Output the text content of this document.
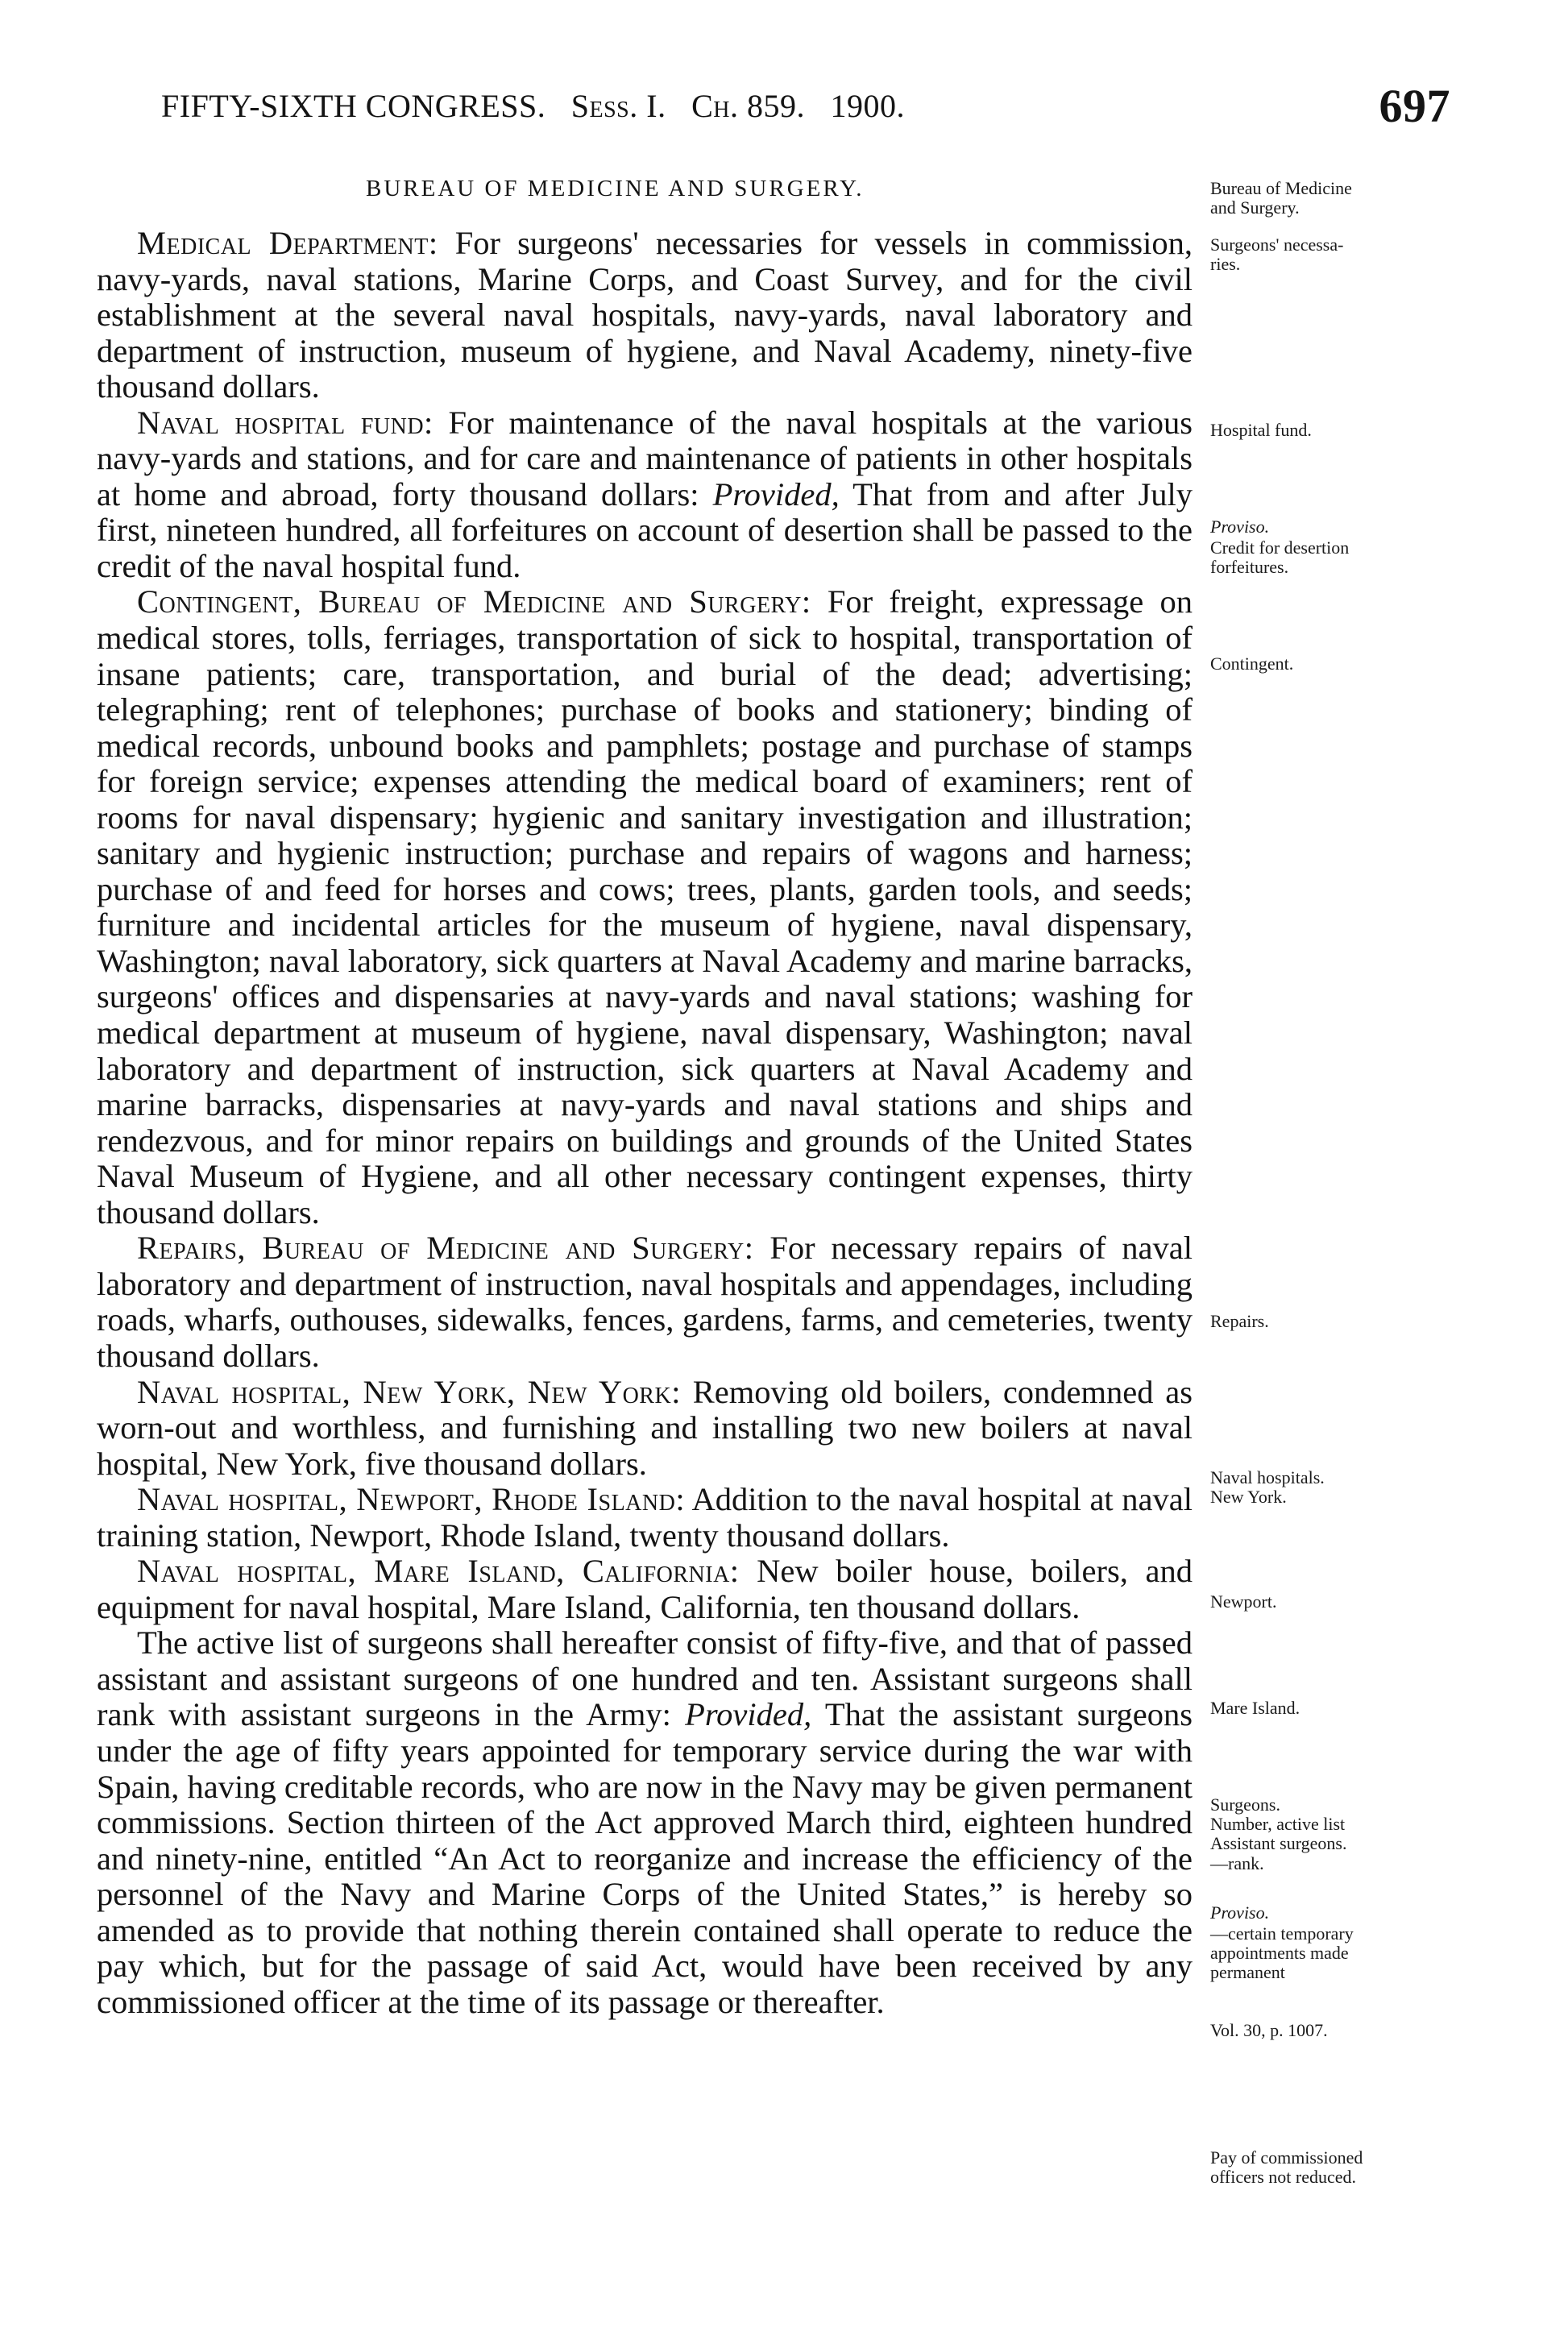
FIFTY-SIXTH CONGRESS. Sess. I. Ch. 859. 1900.	697
BUREAU OF MEDICINE AND SURGERY.

Medical Department: For surgeons' necessaries for vessels in commission, navy-yards, naval stations, Marine Corps, and Coast Survey, and for the civil establishment at the several naval hospitals, navy-yards, naval laboratory and department of instruction, museum of hygiene, and Naval Academy, ninety-five thousand dollars.

Naval hospital fund: For maintenance of the naval hospitals at the various navy-yards and stations, and for care and maintenance of patients in other hospitals at home and abroad, forty thousand dollars: Provided, That from and after July first, nineteen hundred, all forfeitures on account of desertion shall be passed to the credit of the naval hospital fund.

Contingent, Bureau of Medicine and Surgery: For freight, expressage on medical stores, tolls, ferriages, transportation of sick to hospital, transportation of insane patients; care, transportation, and burial of the dead; advertising; telegraphing; rent of telephones; purchase of books and stationery; binding of medical records, unbound books and pamphlets; postage and purchase of stamps for foreign service; expenses attending the medical board of examiners; rent of rooms for naval dispensary; hygienic and sanitary investigation and illustration; sanitary and hygienic instruction; purchase and repairs of wagons and harness; purchase of and feed for horses and cows; trees, plants, garden tools, and seeds; furniture and incidental articles for the museum of hygiene, naval dispensary, Washington; naval laboratory, sick quarters at Naval Academy and marine barracks, surgeons' offices and dispensaries at navy-yards and naval stations; washing for medical department at museum of hygiene, naval dispensary, Washington; naval laboratory and department of instruction, sick quarters at Naval Academy and marine barracks, dispensaries at navy-yards and naval stations and ships and rendezvous, and for minor repairs on buildings and grounds of the United States Naval Museum of Hygiene, and all other necessary contingent expenses, thirty thousand dollars.

Repairs, Bureau of Medicine and Surgery: For necessary repairs of naval laboratory and department of instruction, naval hospitals and appendages, including roads, wharfs, outhouses, sidewalks, fences, gardens, farms, and cemeteries, twenty thousand dollars.

Naval hospital, New York, New York: Removing old boilers, condemned as worn-out and worthless, and furnishing and installing two new boilers at naval hospital, New York, five thousand dollars.

Naval hospital, Newport, Rhode Island: Addition to the naval hospital at naval training station, Newport, Rhode Island, twenty thousand dollars.

Naval hospital, Mare Island, California: New boiler house, boilers, and equipment for naval hospital, Mare Island, California, ten thousand dollars.

The active list of surgeons shall hereafter consist of fifty-five, and that of passed assistant and assistant surgeons of one hundred and ten. Assistant surgeons shall rank with assistant surgeons in the Army: Provided, That the assistant surgeons under the age of fifty years appointed for temporary service during the war with Spain, having creditable records, who are now in the Navy may be given permanent commissions. Section thirteen of the Act approved March third, eighteen hundred and ninety-nine, entitled “An Act to reorganize and increase the efficiency of the personnel of the Navy and Marine Corps of the United States,” is hereby so amended as to provide that nothing therein contained shall operate to reduce the pay which, but for the passage of said Act, would have been received by any commissioned officer at the time of its passage or thereafter.

Bureau of Medicine
and Surgery.
Surgeons' necessa-
ries.
Hospital fund.
Proviso.
Credit for desertion
forfeitures.
Contingent.
Repairs.
Naval hospitals.
New York.
Newport.
Mare Island.
Surgeons.
Number, active list
Assistant surgeons.
—rank.
Proviso.
—certain temporary
appointments made
permanent
Vol. 30, p. 1007.
Pay of commissioned
officers not reduced.
